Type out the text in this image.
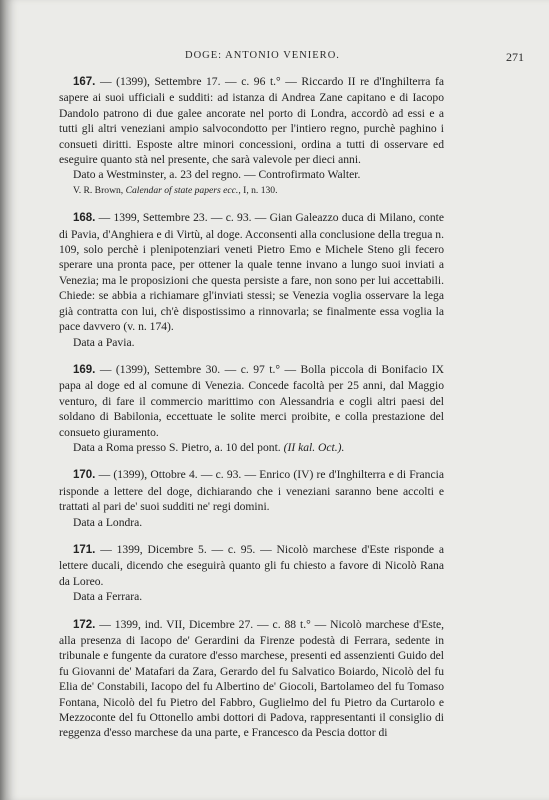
DOGE: ANTONIO VENIERO.	271

167. — (1399), Settembre 17. — c. 96 t.° — Riccardo II re d'Inghilterra fa sapere ai suoi ufficiali e sudditi: ad istanza di Andrea Zane capitano e di Iacopo Dandolo patrono di due galee ancorate nel porto di Londra, accordò ad essi e a tutti gli altri veneziani ampio salvocondotto per l'intiero regno, purchè paghino i consueti diritti. Esposte altre minori concessioni, ordina a tutti di osservare ed eseguire quanto stà nel presente, che sarà valevole per dieci anni.

Dato a Westminster, a. 23 del regno. — Controfirmato Walter.

V. R. Brown, Calendar of state papers ecc., I, n. 130.

168. — 1399, Settembre 23. — c. 93. — Gian Galeazzo duca di Milano, conte di Pavia, d'Anghiera e di Virtù, al doge. Acconsenti alla conclusione della tregua n. 109, solo perchè i plenipotenziari veneti Pietro Emo e Michele Steno gli fecero sperare una pronta pace, per ottener la quale tenne invano a lungo suoi inviati a Venezia; ma le proposizioni che questa persiste a fare, non sono per lui accettabili. Chiede: se abbia a richiamare gl'inviati stessi; se Venezia voglia osservare la lega già contratta con lui, ch'è dispostissimo a rinnovarla; se finalmente essa voglia la pace davvero (v. n. 174).

Data a Pavia.

169. — (1399), Settembre 30. — c. 97 t.° — Bolla piccola di Bonifacio IX papa al doge ed al comune di Venezia. Concede facoltà per 25 anni, dal Maggio venturo, di fare il commercio marittimo con Alessandria e cogli altri paesi del soldano di Babilonia, eccettuate le solite merci proibite, e colla prestazione del consueto giuramento.

Data a Roma presso S. Pietro, a. 10 del pont. (II kal. Oct.).

170. — (1399), Ottobre 4. — c. 93. — Enrico (IV) re d'Inghilterra e di Francia risponde a lettere del doge, dichiarando che i veneziani saranno bene accolti e trattati al pari de' suoi sudditi ne' regi domini.

Data a Londra.

171. — 1399, Dicembre 5. — c. 95. — Nicolò marchese d'Este risponde a lettere ducali, dicendo che eseguirà quanto gli fu chiesto a favore di Nicolò Rana da Loreo.

Data a Ferrara.

172. — 1399, ind. VII, Dicembre 27. — c. 88 t.° — Nicolò marchese d'Este, alla presenza di Iacopo de' Gerardini da Firenze podestà di Ferrara, sedente in tribunale e fungente da curatore d'esso marchese, presenti ed assenzienti Guido del fu Giovanni de' Matafari da Zara, Gerardo del fu Salvatico Boiardo, Nicolò del fu Elia de' Constabili, Iacopo del fu Albertino de' Giocoli, Bartolameo del fu Tomaso Fontana, Nicolò del fu Pietro del Fabbro, Guglielmo del fu Pietro da Curtarolo e Mezzoconte del fu Ottonello ambi dottori di Padova, rappresentanti il consiglio di reggenza d'esso marchese da una parte, e Francesco da Pescia dottor di
